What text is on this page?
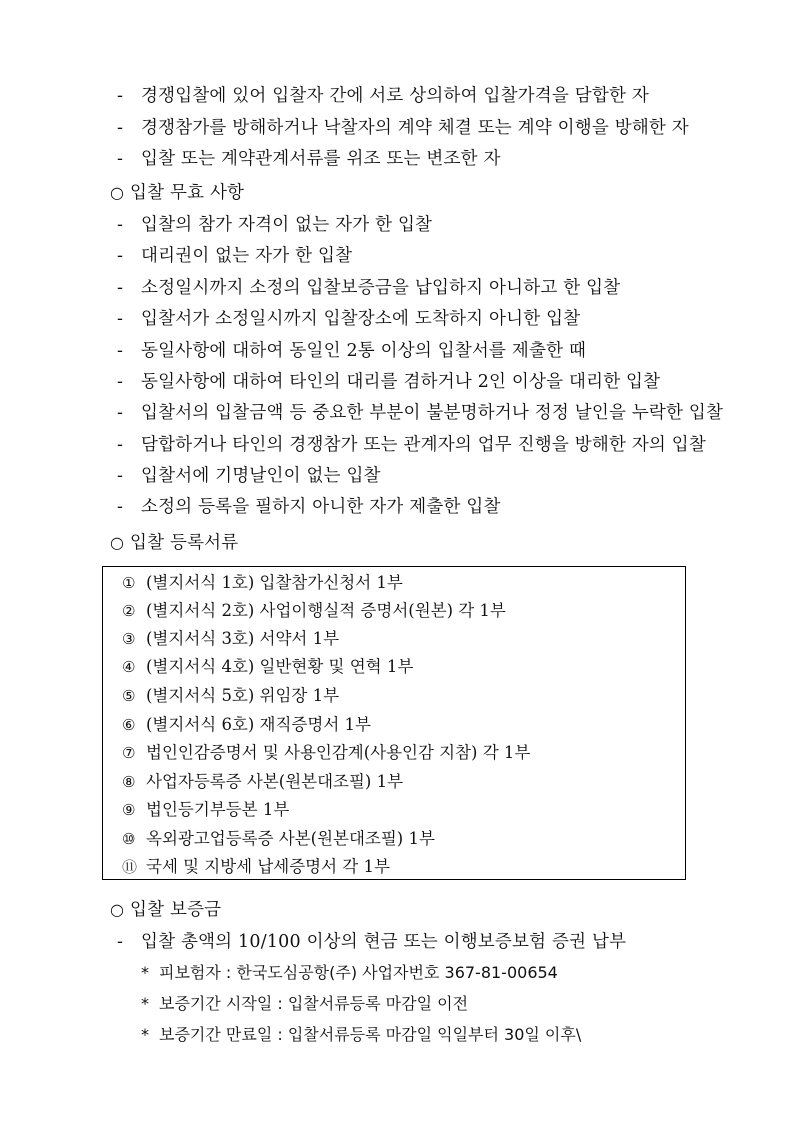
- 경쟁입찰에 있어 입찰자 간에 서로 상의하여 입찰가격을 담합한 자
- 경쟁참가를 방해하거나 낙찰자의 계약 체결 또는 계약 이행을 방해한 자
- 입찰 또는 계약관계서류를 위조 또는 변조한 자
○ 입찰 무효 사항
- 입찰의 참가 자격이 없는 자가 한 입찰
- 대리권이 없는 자가 한 입찰
- 소정일시까지 소정의 입찰보증금을 납입하지 아니하고 한 입찰
- 입찰서가 소정일시까지 입찰장소에 도착하지 아니한 입찰
- 동일사항에 대하여 동일인 2통 이상의 입찰서를 제출한 때
- 동일사항에 대하여 타인의 대리를 겸하거나 2인 이상을 대리한 입찰
- 입찰서의 입찰금액 등 중요한 부분이 불분명하거나 정정 날인을 누락한 입찰
- 담합하거나 타인의 경쟁참가 또는 관계자의 업무 진행을 방해한 자의 입찰
- 입찰서에 기명날인이 없는 입찰
- 소정의 등록을 필하지 아니한 자가 제출한 입찰
○ 입찰 등록서류
① (별지서식 1호) 입찰참가신청서 1부
② (별지서식 2호) 사업이행실적 증명서(원본) 각 1부
③ (별지서식 3호) 서약서 1부
④ (별지서식 4호) 일반현황 및 연혁 1부
⑤ (별지서식 5호) 위임장 1부
⑥ (별지서식 6호) 재직증명서 1부
⑦ 법인인감증명서 및 사용인감계(사용인감 지참) 각 1부
⑧ 사업자등록증 사본(원본대조필) 1부
⑨ 법인등기부등본 1부
⑩ 옥외광고업등록증 사본(원본대조필) 1부
⑪ 국세 및 지방세 납세증명서 각 1부
○ 입찰 보증금
- 입찰 총액의 10/100 이상의 현금 또는 이행보증보험 증권 납부
* 피보험자 : 한국도심공항(주) 사업자번호 367-81-00654
* 보증기간 시작일 : 입찰서류등록 마감일 이전
* 보증기간 만료일 : 입찰서류등록 마감일 익일부터 30일 이후\
